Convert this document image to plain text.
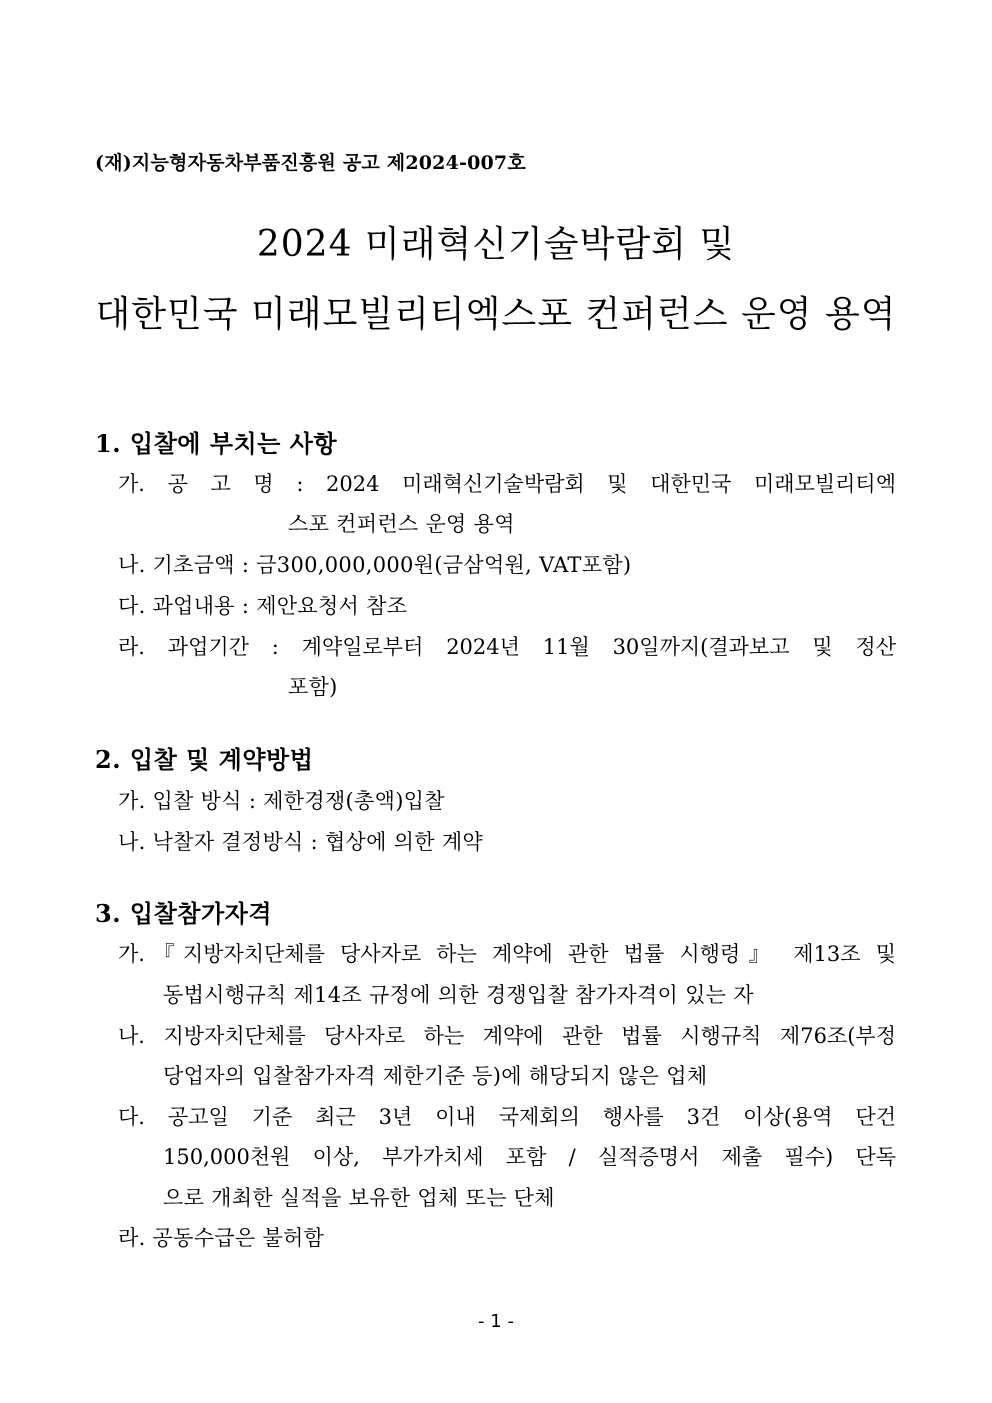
(재)지능형자동차부품진흥원 공고 제2024-007호
2024 미래혁신기술박람회 및
대한민국 미래모빌리티엑스포 컨퍼런스 운영 용역
1. 입찰에 부치는 사항
가. 공 고 명 : 2024 미래혁신기술박람회 및 대한민국 미래모빌리티엑
스포 컨퍼런스 운영 용역
나. 기초금액 : 금300,000,000원(금삼억원, VAT포함)
다. 과업내용 : 제안요청서 참조
라. 과업기간 : 계약일로부터 2024년 11월 30일까지(결과보고 및 정산
포함)
2. 입찰 및 계약방법
가. 입찰 방식 : 제한경쟁(총액)입찰
나. 낙찰자 결정방식 : 협상에 의한 계약
3. 입찰참가자격
가.『지방자치단체를 당사자로 하는 계약에 관한 법률 시행령』 제13조 및
동법시행규칙 제14조 규정에 의한 경쟁입찰 참가자격이 있는 자
나. 지방자치단체를 당사자로 하는 계약에 관한 법률 시행규칙 제76조(부정
당업자의 입찰참가자격 제한기준 등)에 해당되지 않은 업체
다. 공고일 기준 최근 3년 이내 국제회의 행사를 3건 이상(용역 단건
150,000천원 이상, 부가가치세 포함 / 실적증명서 제출 필수) 단독
으로 개최한 실적을 보유한 업체 또는 단체
라. 공동수급은 불허함
- 1 -
